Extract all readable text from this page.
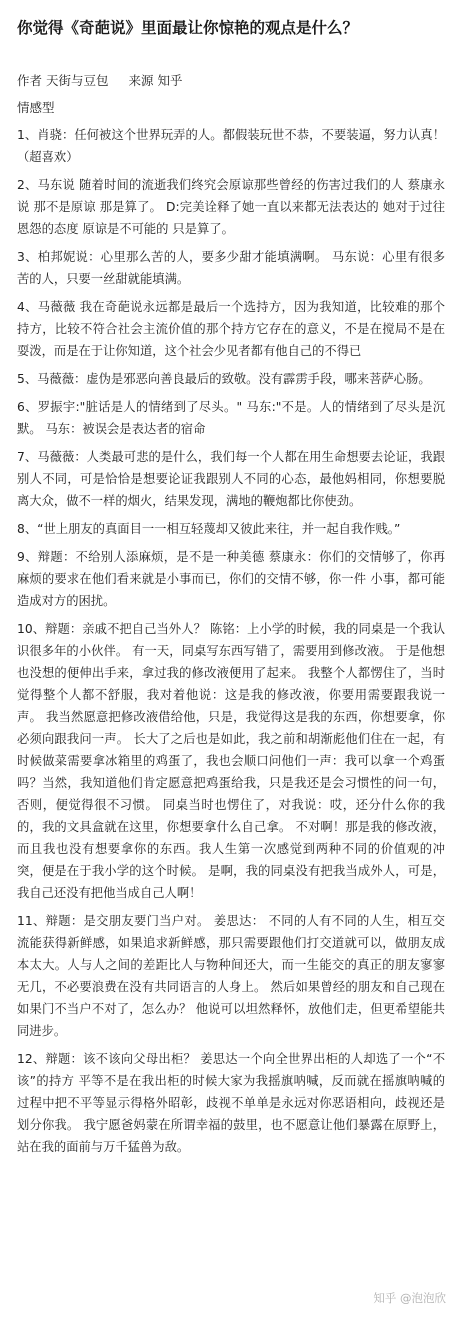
你觉得《奇葩说》里面最让你惊艳的观点是什么？
作者 天街与豆包 来源 知乎
情感型

1、肖骁：任何被这个世界玩弄的人。都假装玩世不恭，不要装逼，努力认真！（超喜欢）

2、马东说 随着时间的流逝我们终究会原谅那些曾经的伤害过我们的人 蔡康永说 那不是原谅 那是算了。 D:完美诠释了她一直以来都无法表达的 她对于过往恩怨的态度 原谅是不可能的 只是算了。

3、柏邦妮说：心里那么苦的人，要多少甜才能填满啊。 马东说：心里有很多苦的人，只要一丝甜就能填满。

4、马薇薇 我在奇葩说永远都是最后一个选持方，因为我知道，比较难的那个持方，比较不符合社会主流价值的那个持方它存在的意义，不是在搅局不是在耍泼，而是在于让你知道，这个社会少见者都有他自己的不得已

5、马薇薇：虚伪是邪恶向善良最后的致敬。没有霹雳手段，哪来菩萨心肠。

6、罗振宇:"脏话是人的情绪到了尽头。" 马东:"不是。人的情绪到了尽头是沉默。 马东：被误会是表达者的宿命

7、马薇薇：人类最可悲的是什么，我们每一个人都在用生命想要去论证，我跟别人不同，可是恰恰是想要论证我跟别人不同的心态，最他妈相同，你想要脱离大众，做不一样的烟火，结果发现，满地的鞭炮都比你使劲。

8、“世上朋友的真面目一一相互轻蔑却又彼此来往，并一起自我作贱。”

9、辩题：不给别人添麻烦，是不是一种美德 蔡康永：你们的交情够了，你再麻烦的要求在他们看来就是小事而已，你们的交情不够，你一件 小事，都可能造成对方的困扰。

10、辩题：亲戚不把自己当外人？ 陈铭：上小学的时候，我的同桌是一个我认识很多年的小伙伴。 有一天，同桌写东西写错了，需要用到修改液。 于是他想也没想的便伸出手来，拿过我的修改液便用了起来。 我整个人都愣住了，当时觉得整个人都不舒服，我对着他说：这是我的修改液，你要用需要跟我说一声。 我当然愿意把修改液借给他，只是，我觉得这是我的东西，你想要拿，你必须向跟我问一声。 长大了之后也是如此，我之前和胡渐彪他们住在一起，有时候做菜需要拿冰箱里的鸡蛋了，我也会顺口问他们一声：我可以拿一个鸡蛋吗？当然，我知道他们肯定愿意把鸡蛋给我，只是我还是会习惯性的问一句，否则，便觉得很不习惯。 同桌当时也愣住了，对我说：哎，还分什么你的我的，我的文具盒就在这里，你想要拿什么自己拿。 不对啊！那是我的修改液，而且我也没有想要拿你的东西。我人生第一次感觉到两种不同的价值观的冲突，便是在于我小学的这个时候。 是啊，我的同桌没有把我当成外人，可是，我自己还没有把他当成自己人啊！

11、辩题：是交朋友要门当户对。 姜思达： 不同的人有不同的人生，相互交流能获得新鲜感，如果追求新鲜感，那只需要跟他们打交道就可以，做朋友成本太大。人与人之间的差距比人与物种间还大，而一生能交的真正的朋友寥寥无几，不必要浪费在没有共同语言的人身上。 然后如果曾经的朋友和自己现在如果门不当户不对了，怎么办？ 他说可以坦然释怀，放他们走，但更希望能共同进步。

12、辩题：该不该向父母出柜？ 姜思达一个向全世界出柜的人却选了一个“不该”的持方 平等不是在我出柜的时候大家为我摇旗呐喊，反而就在摇旗呐喊的过程中把不平等显示得格外昭彰，歧视不单单是永远对你恶语相向，歧视还是划分你我。 我宁愿爸妈蒙在所谓幸福的鼓里，也不愿意让他们暴露在原野上，站在我的面前与万千猛兽为敌。

知乎 @泡泡欣
